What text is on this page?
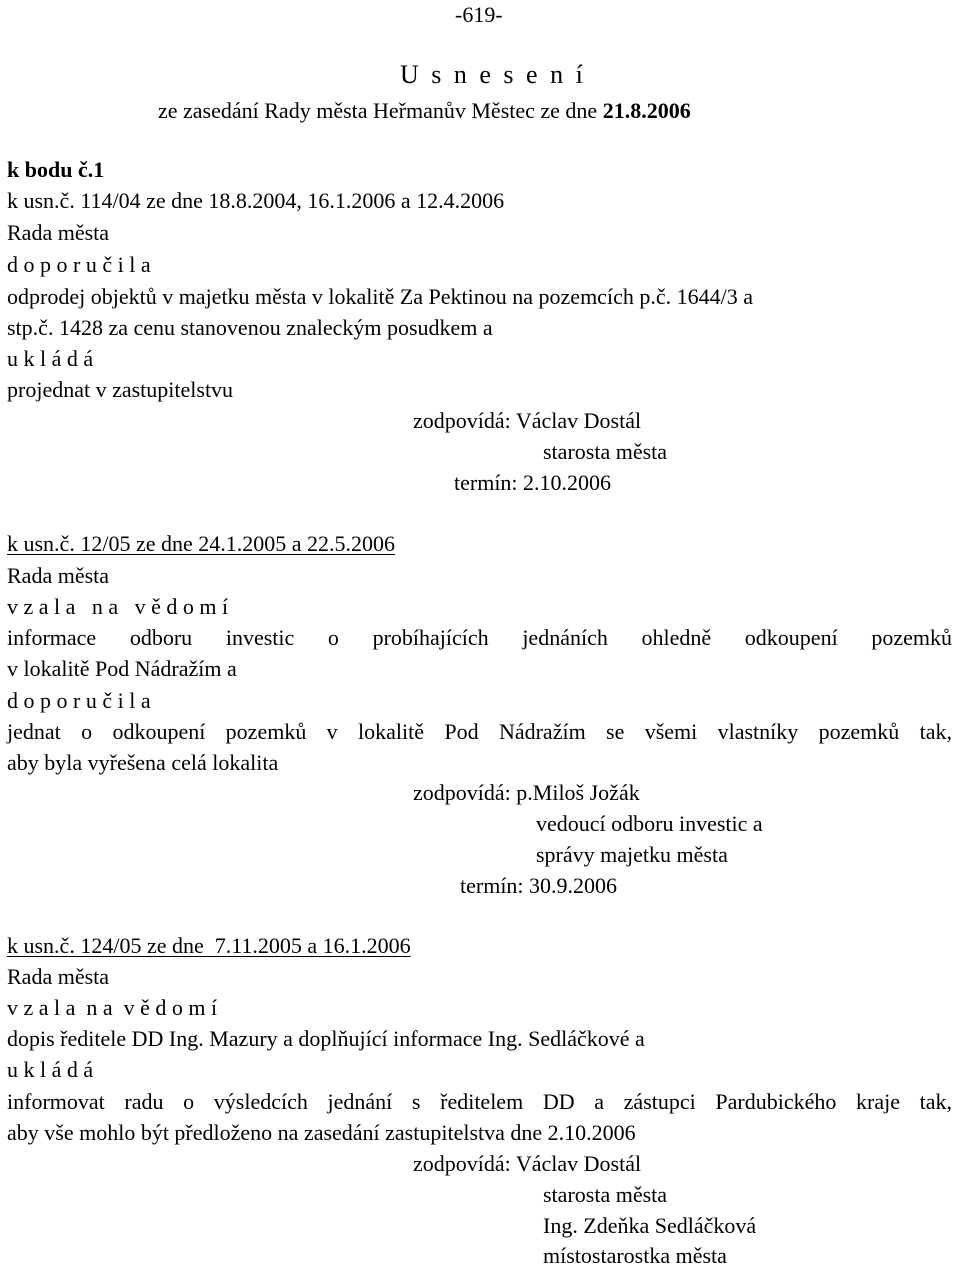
-619-
U s n e s e n í
ze zasedání Rady města Heřmanův Městec ze dne 21.8.2006
k bodu č.1
k usn.č. 114/04 ze dne 18.8.2004, 16.1.2006 a 12.4.2006
Rada města
d o p o r u č i l a
odprodej objektů v majetku města v lokalitě Za Pektinou na pozemcích p.č. 1644/3 a
stp.č. 1428 za cenu stanovenou znaleckým posudkem a
u k l á d á
projednat v zastupitelstvu
zodpovídá: Václav Dostál
starosta města
termín: 2.10.2006
k usn.č. 12/05 ze dne 24.1.2005 a 22.5.2006
Rada města
v z a l a   n a   v ě d o m í
informace odboru investic o probíhajících jednáních ohledně odkoupení pozemků
v lokalitě Pod Nádražím a
d o p o r u č i l a
jednat o odkoupení pozemků v lokalitě Pod Nádražím se všemi vlastníky pozemků tak,
aby byla vyřešena celá lokalita
zodpovídá: p.Miloš Jožák
vedoucí odboru investic a
správy majetku města
termín: 30.9.2006
k usn.č. 124/05 ze dne  7.11.2005 a 16.1.2006
Rada města
v z a l a  n a  v ě d o m í
dopis ředitele DD Ing. Mazury a doplňující informace Ing. Sedláčkové a
u k l á d á
informovat radu o výsledcích jednání s ředitelem DD a zástupci Pardubického kraje tak,
aby vše mohlo být předloženo na zasedání zastupitelstva dne 2.10.2006
zodpovídá: Václav Dostál
starosta města
Ing. Zdeňka Sedláčková
místostarostka města
